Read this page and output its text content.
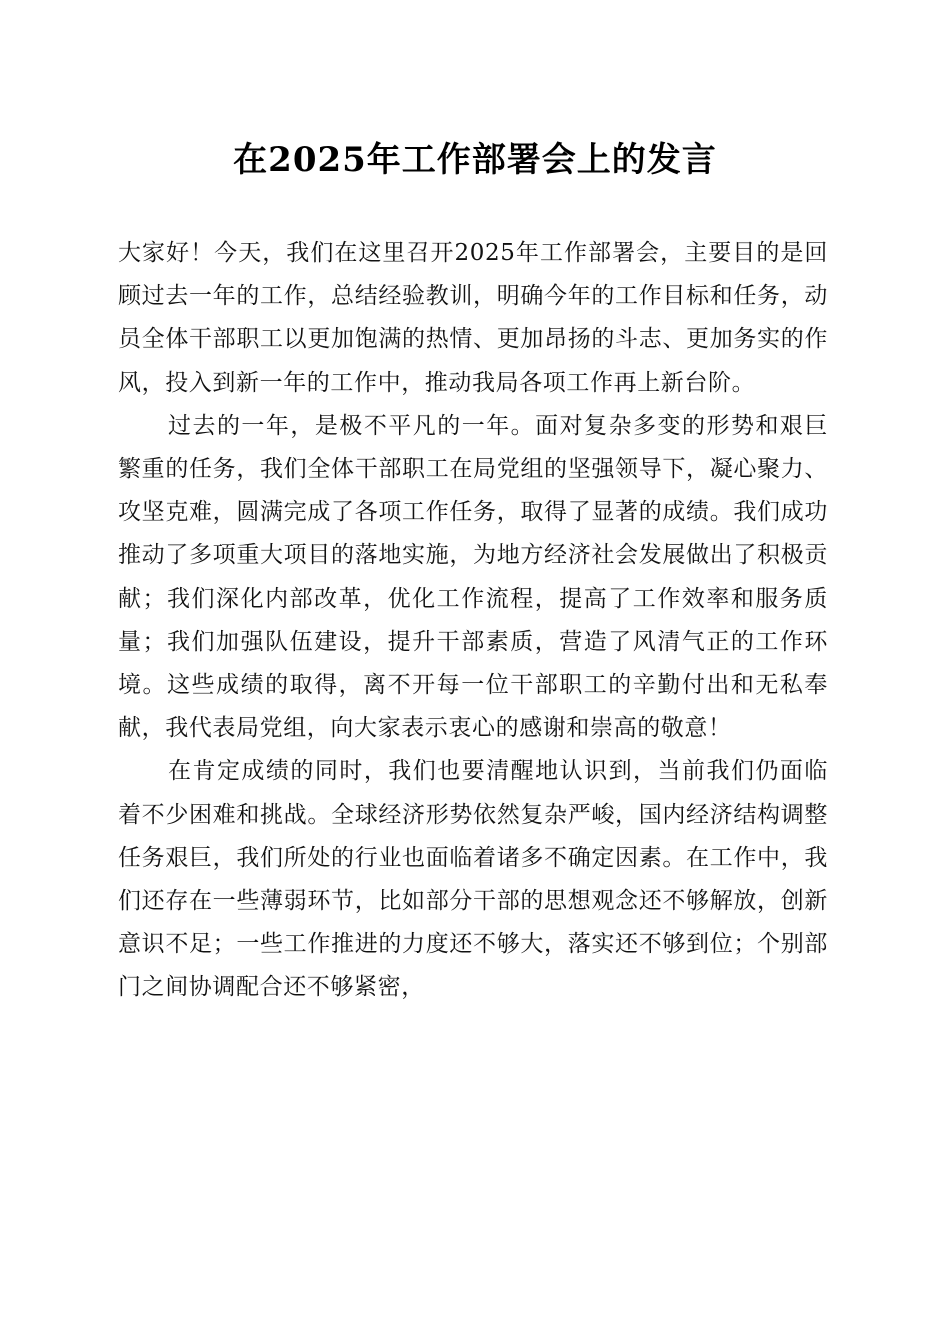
在2025年工作部署会上的发言

大家好！今天，我们在这里召开2025年工作部署会，主要目的是回顾过去一年的工作，总结经验教训，明确今年的工作目标和任务，动员全体干部职工以更加饱满的热情、更加昂扬的斗志、更加务实的作风，投入到新一年的工作中，推动我局各项工作再上新台阶。

过去的一年，是极不平凡的一年。面对复杂多变的形势和艰巨繁重的任务，我们全体干部职工在局党组的坚强领导下，凝心聚力、攻坚克难，圆满完成了各项工作任务，取得了显著的成绩。我们成功推动了多项重大项目的落地实施，为地方经济社会发展做出了积极贡献；我们深化内部改革，优化工作流程，提高了工作效率和服务质量；我们加强队伍建设，提升干部素质，营造了风清气正的工作环境。这些成绩的取得，离不开每一位干部职工的辛勤付出和无私奉献，我代表局党组，向大家表示衷心的感谢和崇高的敬意！

在肯定成绩的同时，我们也要清醒地认识到，当前我们仍面临着不少困难和挑战。全球经济形势依然复杂严峻，国内经济结构调整任务艰巨，我们所处的行业也面临着诸多不确定因素。在工作中，我们还存在一些薄弱环节，比如部分干部的思想观念还不够解放，创新意识不足；一些工作推进的力度还不够大，落实还不够到位；个别部门之间协调配合还不够紧密，
